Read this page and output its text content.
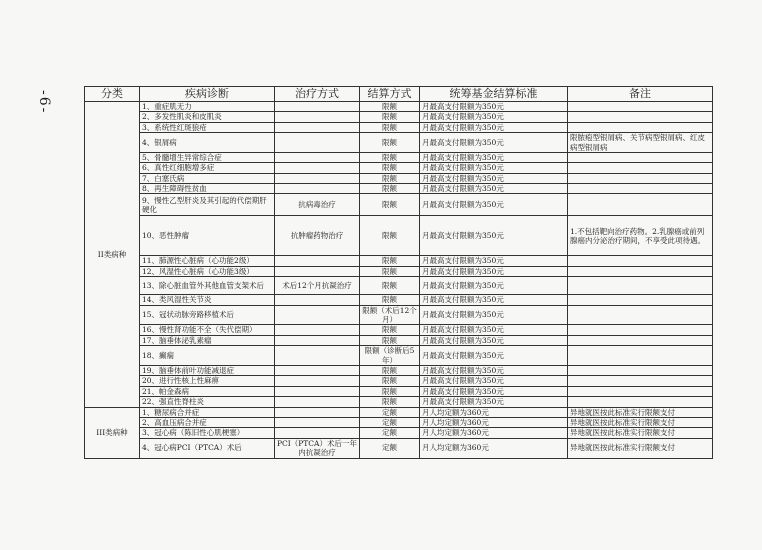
-6-	分类	疾病诊断	治疗方式	结算方式	统筹基金结算标准	备注
II类病种	1、重症肌无力		限额	月最高支付限额为350元	
	2、多发性肌炎和皮肌炎		限额	月最高支付限额为350元	
	3、系统性红斑狼疮		限额	月最高支付限额为350元	
	4、银屑病		限额	月最高支付限额为350元	限脓疱型银屑病、关节病型银屑病、红皮病型银屑病
	5、骨髓增生异常综合症		限额	月最高支付限额为350元	
	6、真性红细胞增多症		限额	月最高支付限额为350元	
	7、白塞氏病		限额	月最高支付限额为350元	
	8、再生障碍性贫血		限额	月最高支付限额为350元	
	9、慢性乙型肝炎及其引起的代偿期肝硬化	抗病毒治疗	限额	月最高支付限额为350元	
	10、恶性肿瘤	抗肿瘤药物治疗	限额	月最高支付限额为350元	1.不包括靶向治疗药物。2.乳腺癌或前列腺癌内分泌治疗期间，不享受此项待遇。
	11、肺源性心脏病（心功能2级）		限额	月最高支付限额为350元	
	12、风湿性心脏病（心功能3级）		限额	月最高支付限额为350元	
	13、除心脏血管外其他血管支架术后	术后12个月抗凝治疗	限额	月最高支付限额为350元	
	14、类风湿性关节炎		限额	月最高支付限额为350元	
	15、冠状动脉旁路移植术后		限额（术后12个月）	月最高支付限额为350元	
	16、慢性肾功能不全（失代偿期）		限额	月最高支付限额为350元	
	17、脑垂体泌乳素瘤		限额	月最高支付限额为350元	
	18、癫痫		限额（诊断后5年）	月最高支付限额为350元	
	19、脑垂体前叶功能减退症		限额	月最高支付限额为350元	
	20、进行性核上性麻痹		限额	月最高支付限额为350元	
	21、帕金森病		限额	月最高支付限额为350元	
	22、强直性脊柱炎		限额	月最高支付限额为350元	
III类病种	1、糖尿病合并症		定额	月人均定额为360元	异地就医按此标准实行限额支付
	2、高血压病合并症		定额	月人均定额为360元	异地就医按此标准实行限额支付
	3、冠心病（陈旧性心肌梗塞）		定额	月人均定额为360元	异地就医按此标准实行限额支付
	4、冠心病PCI（PTCA）术后	PCI（PTCA）术后一年内抗凝治疗	定额	月人均定额为360元	异地就医按此标准实行限额支付
